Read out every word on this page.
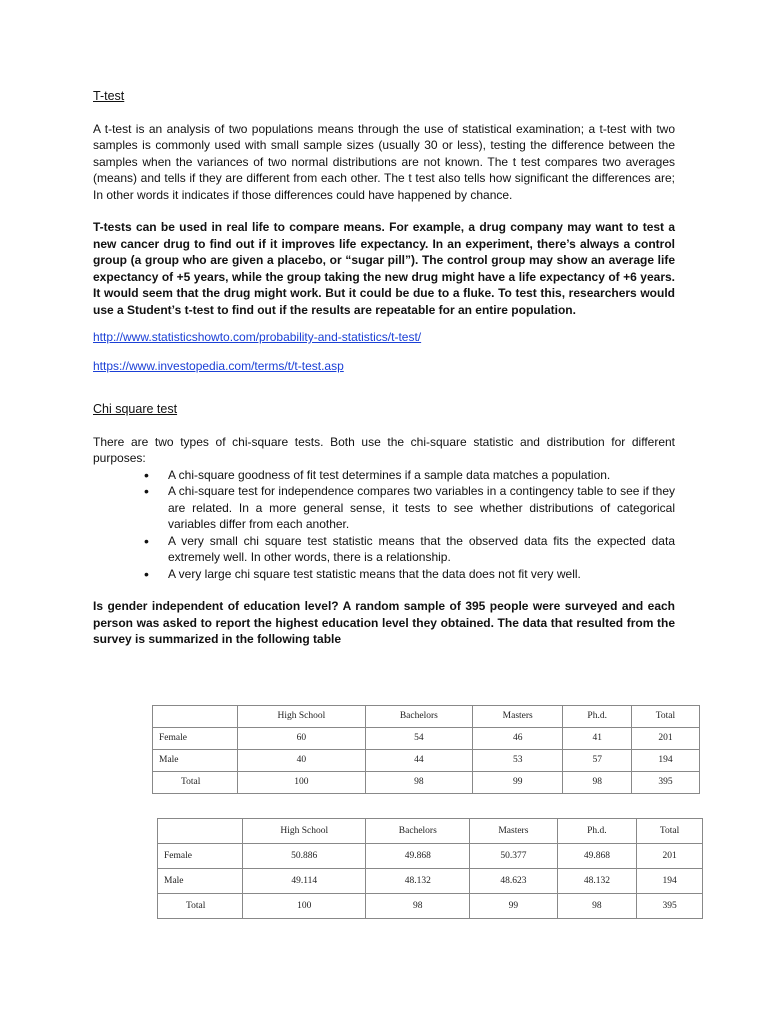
T-test

A t-test is an analysis of two populations means through the use of statistical examination; a t-test with two samples is commonly used with small sample sizes (usually 30 or less), testing the difference between the samples when the variances of two normal distributions are not known. The t test compares two averages (means) and tells if they are different from each other. The t test also tells how significant the differences are; In other words it indicates if those differences could have happened by chance.

T-tests can be used in real life to compare means. For example, a drug company may want to test a new cancer drug to find out if it improves life expectancy. In an experiment, there’s always a control group (a group who are given a placebo, or “sugar pill”). The control group may show an average life expectancy of +5 years, while the group taking the new drug might have a life expectancy of +6 years. It would seem that the drug might work. But it could be due to a fluke. To test this, researchers would use a Student’s t-test to find out if the results are repeatable for an entire population.

http://www.statisticshowto.com/probability-and-statistics/t-test/
https://www.investopedia.com/terms/t/t-test.asp

Chi square test

There are two types of chi-square tests. Both use the chi-square statistic and distribution for different purposes:

• A chi-square goodness of fit test determines if a sample data matches a population.
• A chi-square test for independence compares two variables in a contingency table to see if they are related. In a more general sense, it tests to see whether distributions of categorical variables differ from each another.
• A very small chi square test statistic means that the observed data fits the expected data extremely well. In other words, there is a relationship.
• A very large chi square test statistic means that the data does not fit very well.

Is gender independent of education level? A random sample of 395 people were surveyed and each person was asked to report the highest education level they obtained. The data that resulted from the survey is summarized in the following table

	High School	Bachelors	Masters	Ph.d.	Total
Female	60	54	46	41	201
Male	40	44	53	57	194
Total	100	98	99	98	395
	High School	Bachelors	Masters	Ph.d.	Total
Female	50.886	49.868	50.377	49.868	201
Male	49.114	48.132	48.623	48.132	194
Total	100	98	99	98	395
